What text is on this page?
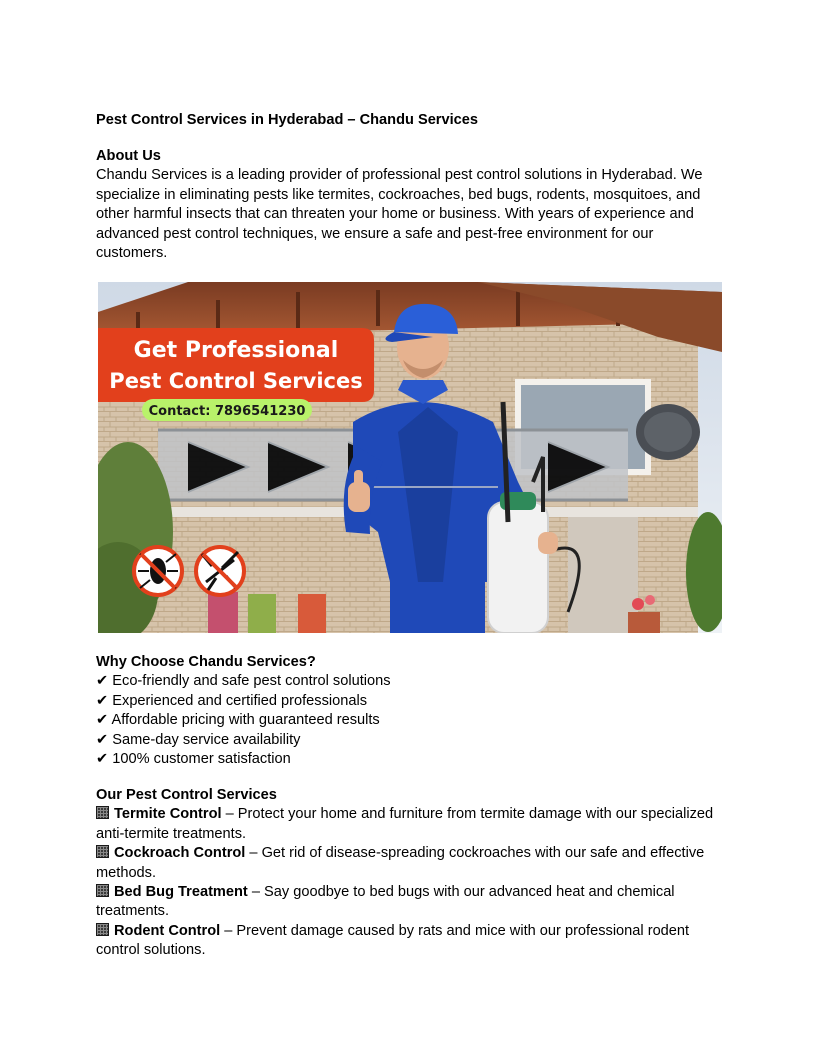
Pest Control Services in Hyderabad – Chandu Services

About Us

Chandu Services is a leading provider of professional pest control solutions in Hyderabad. We specialize in eliminating pests like termites, cockroaches, bed bugs, rodents, mosquitoes, and other harmful insects that can threaten your home or business. With years of experience and advanced pest control techniques, we ensure a safe and pest-free environment for our customers.

Get Professional
Pest Control Services
Contact: 7896541230

Why Choose Chandu Services?

✔ Eco-friendly and safe pest control solutions

✔ Experienced and certified professionals

✔ Affordable pricing with guaranteed results

✔ Same-day service availability

✔ 100% customer satisfaction

Our Pest Control Services

Termite Control – Protect your home and furniture from termite damage with our specialized anti-termite treatments.

Cockroach Control – Get rid of disease-spreading cockroaches with our safe and effective methods.

Bed Bug Treatment – Say goodbye to bed bugs with our advanced heat and chemical treatments.

Rodent Control – Prevent damage caused by rats and mice with our professional rodent control solutions.
